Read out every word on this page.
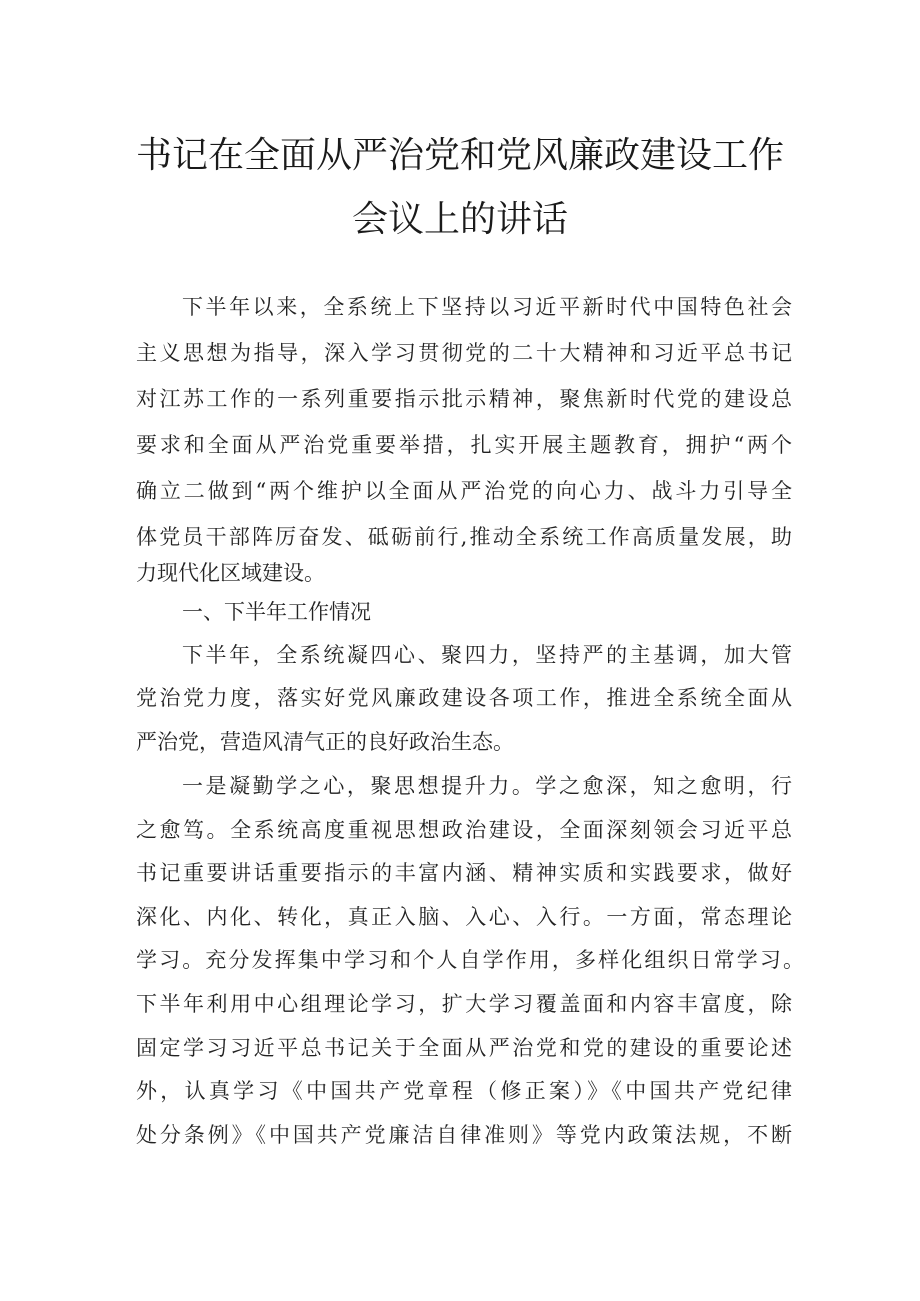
书记在全面从严治党和党风廉政建设工作
会议上的讲话
下半年以来，全系统上下坚持以习近平新时代中国特色社会
主义思想为指导，深入学习贯彻党的二十大精神和习近平总书记
对江苏工作的一系列重要指示批示精神，聚焦新时代党的建设总
要求和全面从严治党重要举措，扎实开展主题教育，拥护“两个
确立二做到“两个维护以全面从严治党的向心力、战斗力引导全
体党员干部阵厉奋发、砥砺前行,推动全系统工作高质量发展，助
力现代化区域建设。
一、下半年工作情况
下半年，全系统凝四心、聚四力，坚持严的主基调，加大管
党治党力度，落实好党风廉政建设各项工作，推进全系统全面从
严治党，营造风清气正的良好政治生态。
一是凝勤学之心，聚思想提升力。学之愈深，知之愈明，行
之愈笃。全系统高度重视思想政治建设，全面深刻领会习近平总
书记重要讲话重要指示的丰富内涵、精神实质和实践要求，做好
深化、内化、转化，真正入脑、入心、入行。一方面，常态理论
学习。充分发挥集中学习和个人自学作用，多样化组织日常学习。
下半年利用中心组理论学习，扩大学习覆盖面和内容丰富度，除
固定学习习近平总书记关于全面从严治党和党的建设的重要论述
外，认真学习《中国共产党章程（修正案）》《中国共产党纪律
处分条例》《中国共产党廉洁自律准则》等党内政策法规，不断
